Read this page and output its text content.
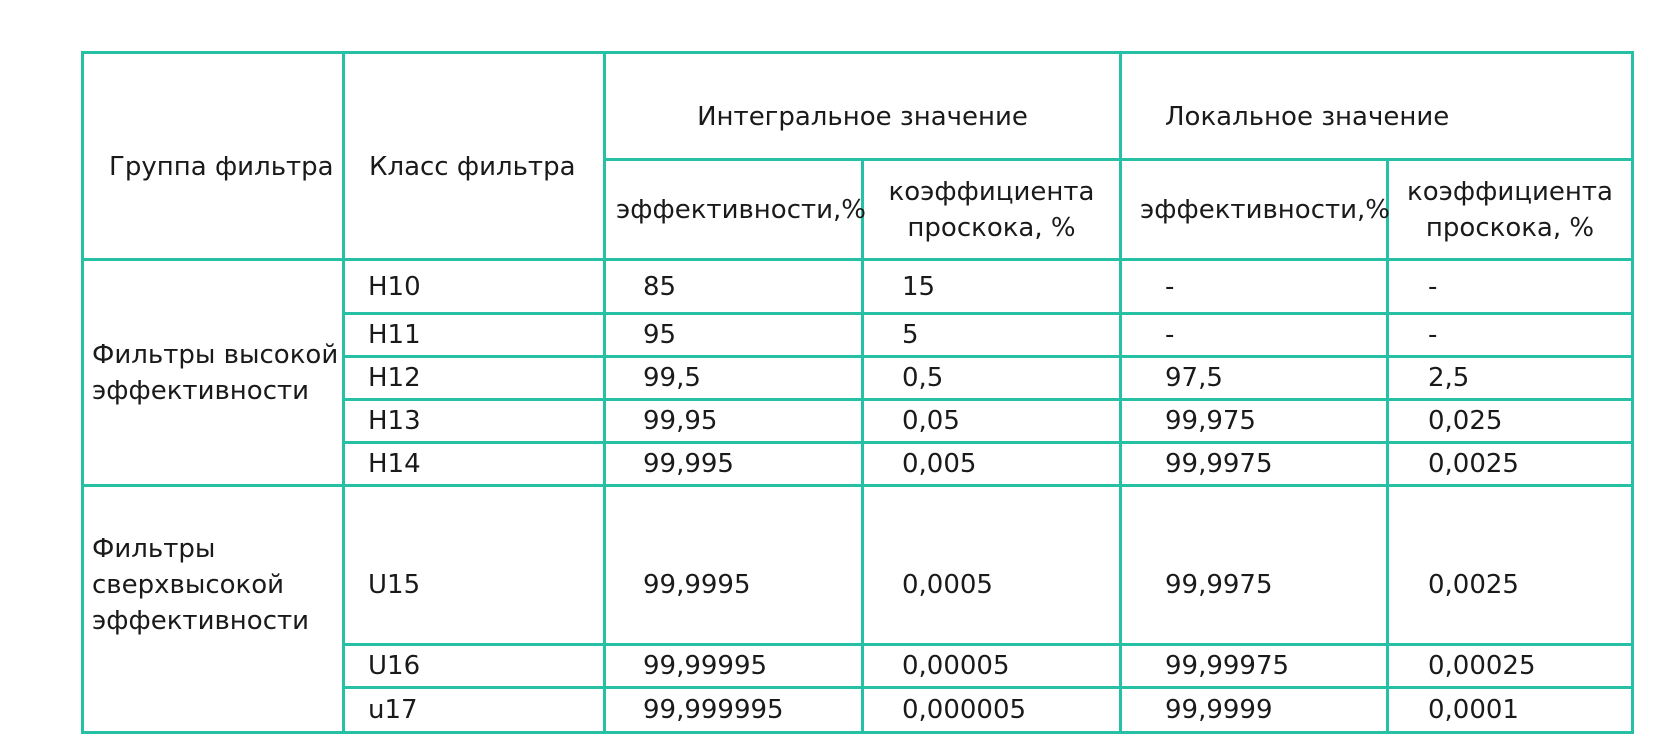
Группа фильтра	Класс фильтра	Интегральное значение		Локальное значение	
		эффективности,%	коэффициента проскока, %	эффективности,%	коэффициента проскока, %
Фильтры высокой эффективности	H10	85	15	-	-
	H11	95	5	-	-
	H12	99,5	0,5	97,5	2,5
	H13	99,95	0,05	99,975	0,025
	H14	99,995	0,005	99,9975	0,0025
Фильтры сверхвысокой эффективности	U15	99,9995	0,0005	99,9975	0,0025
	U16	99,99995	0,00005	99,99975	0,00025
	u17	99,999995	0,000005	99,9999	0,0001
